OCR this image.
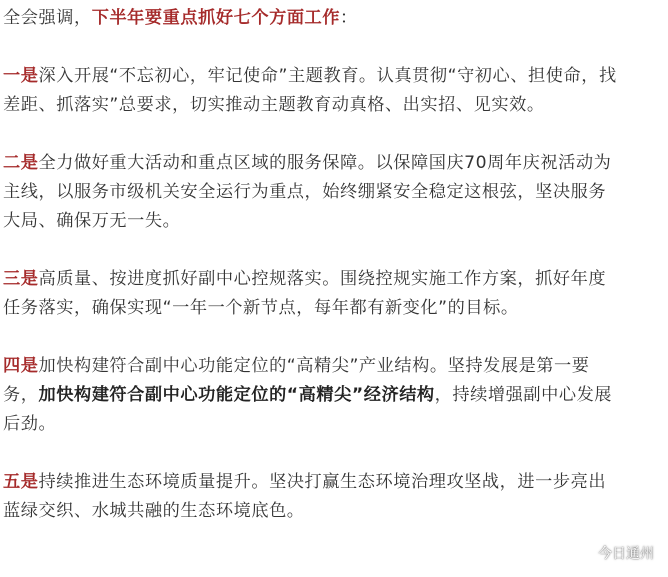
全会强调，下半年要重点抓好七个方面工作：
一是深入开展“不忘初心，牢记使命”主题教育。认真贯彻“守初心、担使命，找
差距、抓落实”总要求，切实推动主题教育动真格、出实招、见实效。
二是全力做好重大活动和重点区域的服务保障。以保障国庆70周年庆祝活动为
主线，以服务市级机关安全运行为重点，始终绷紧安全稳定这根弦，坚决服务
大局、确保万无一失。
三是高质量、按进度抓好副中心控规落实。围绕控规实施工作方案，抓好年度
任务落实，确保实现“一年一个新节点，每年都有新变化”的目标。
四是加快构建符合副中心功能定位的“高精尖”产业结构。坚持发展是第一要
务，加快构建符合副中心功能定位的“高精尖”经济结构，持续增强副中心发展
后劲。
五是持续推进生态环境质量提升。坚决打赢生态环境治理攻坚战，进一步亮出
蓝绿交织、水城共融的生态环境底色。
今日通州
